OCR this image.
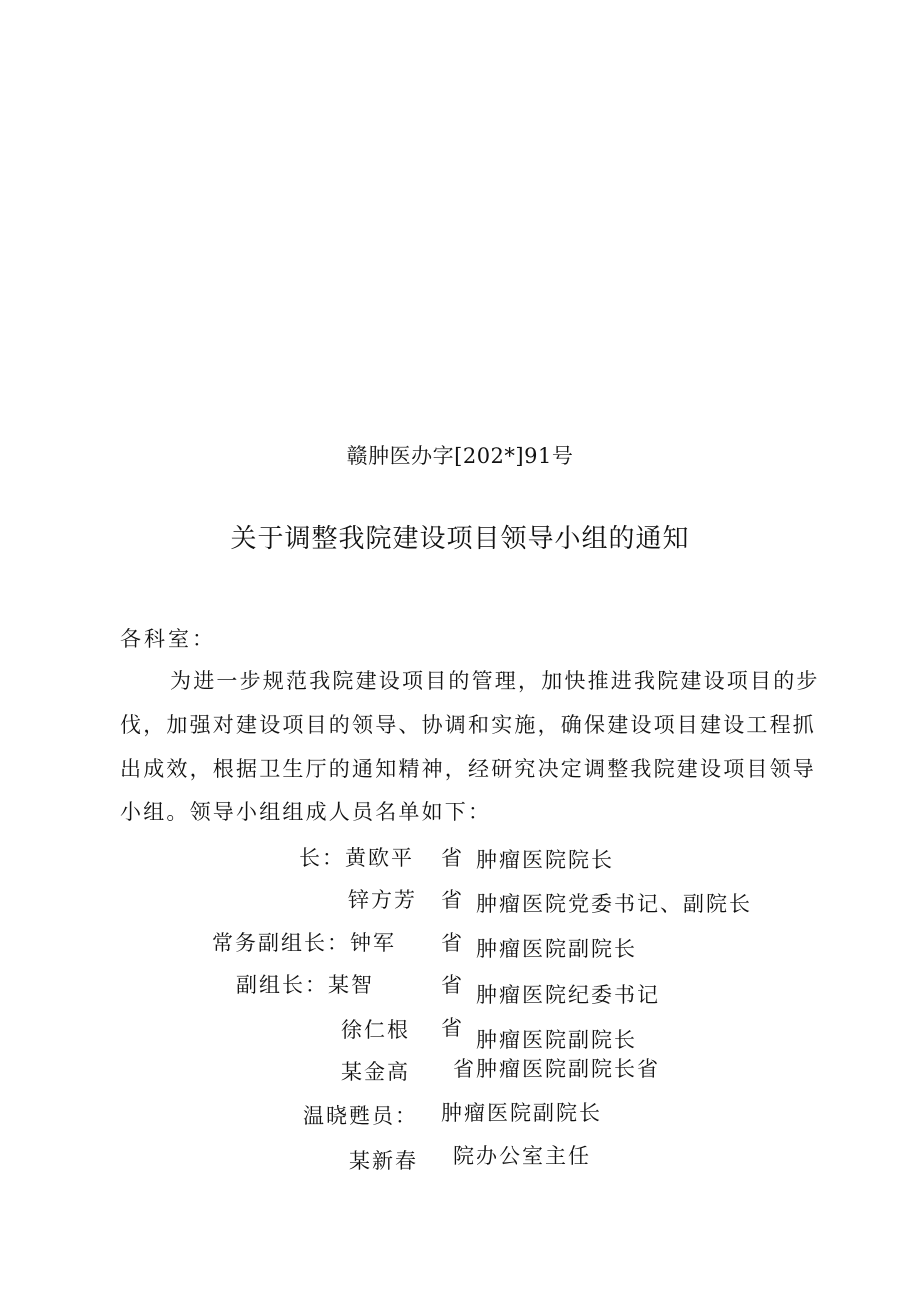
赣肿医办字[202*]91号
关于调整我院建设项目领导小组的通知
各科室：
为进一步规范我院建设项目的管理，加快推进我院建设项目的步
伐，加强对建设项目的领导、协调和实施，确保建设项目建设工程抓
出成效，根据卫生厅的通知精神，经研究决定调整我院建设项目领导
小组。领导小组组成人员名单如下：
长：黄欧平 省 肿瘤医院院长
锌方芳 省 肿瘤医院党委书记、副院长
常务副组长：钟军 省 肿瘤医院副院长
副组长：某智	省 肿瘤医院纪委书记
徐仁根 省 肿瘤医院副院长
某金高 省肿瘤医院副院长省
温晓甦员： 肿瘤医院副院长
某新春 院办公室主任
